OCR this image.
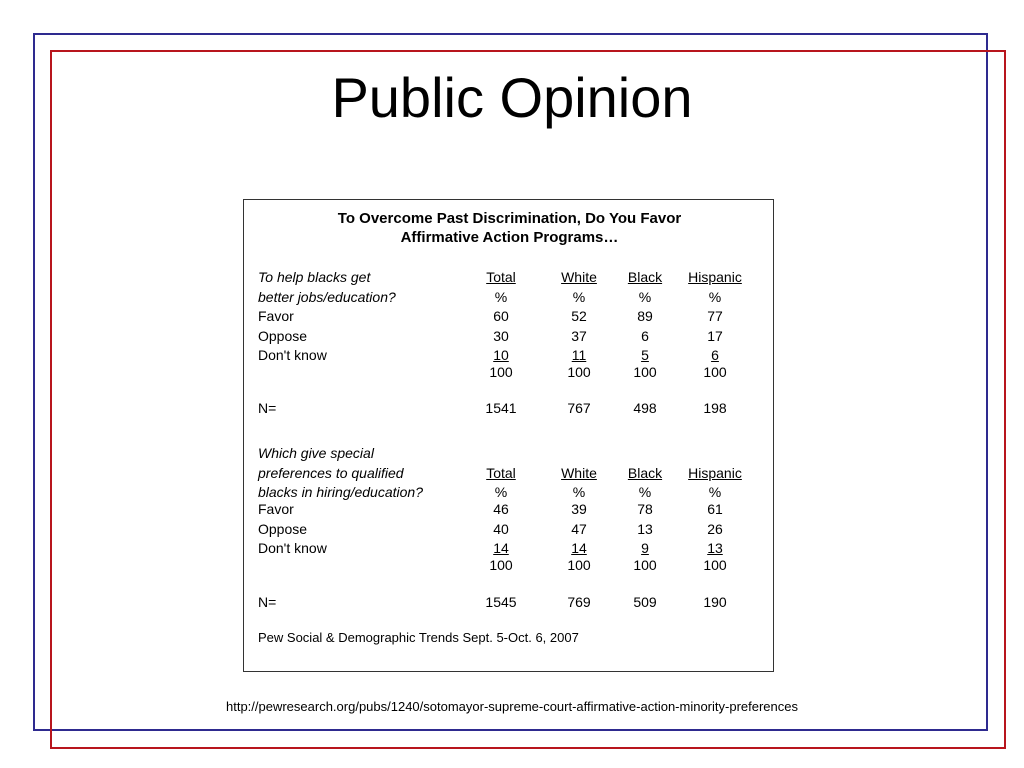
Public Opinion
To Overcome Past Discrimination, Do You Favor
Affirmative Action Programs…
To help blacks get
better jobs/education?
Total	White	Black	Hispanic
%	%	%	%
Favor	60	52	89	77
Oppose	30	37	6	17
Don't know	10	11	5	6
100	100	100	100
N=	1541	767	498	198
Which give special
preferences to qualified
blacks in hiring/education?
Total	White	Black	Hispanic
%	%	%	%
Favor	46	39	78	61
Oppose	40	47	13	26
Don't know	14	14	9	13
100	100	100	100
N=	1545	769	509	190
Pew Social & Demographic Trends Sept. 5-Oct. 6, 2007
http://pewresearch.org/pubs/1240/sotomayor-supreme-court-affirmative-action-minority-preferences
